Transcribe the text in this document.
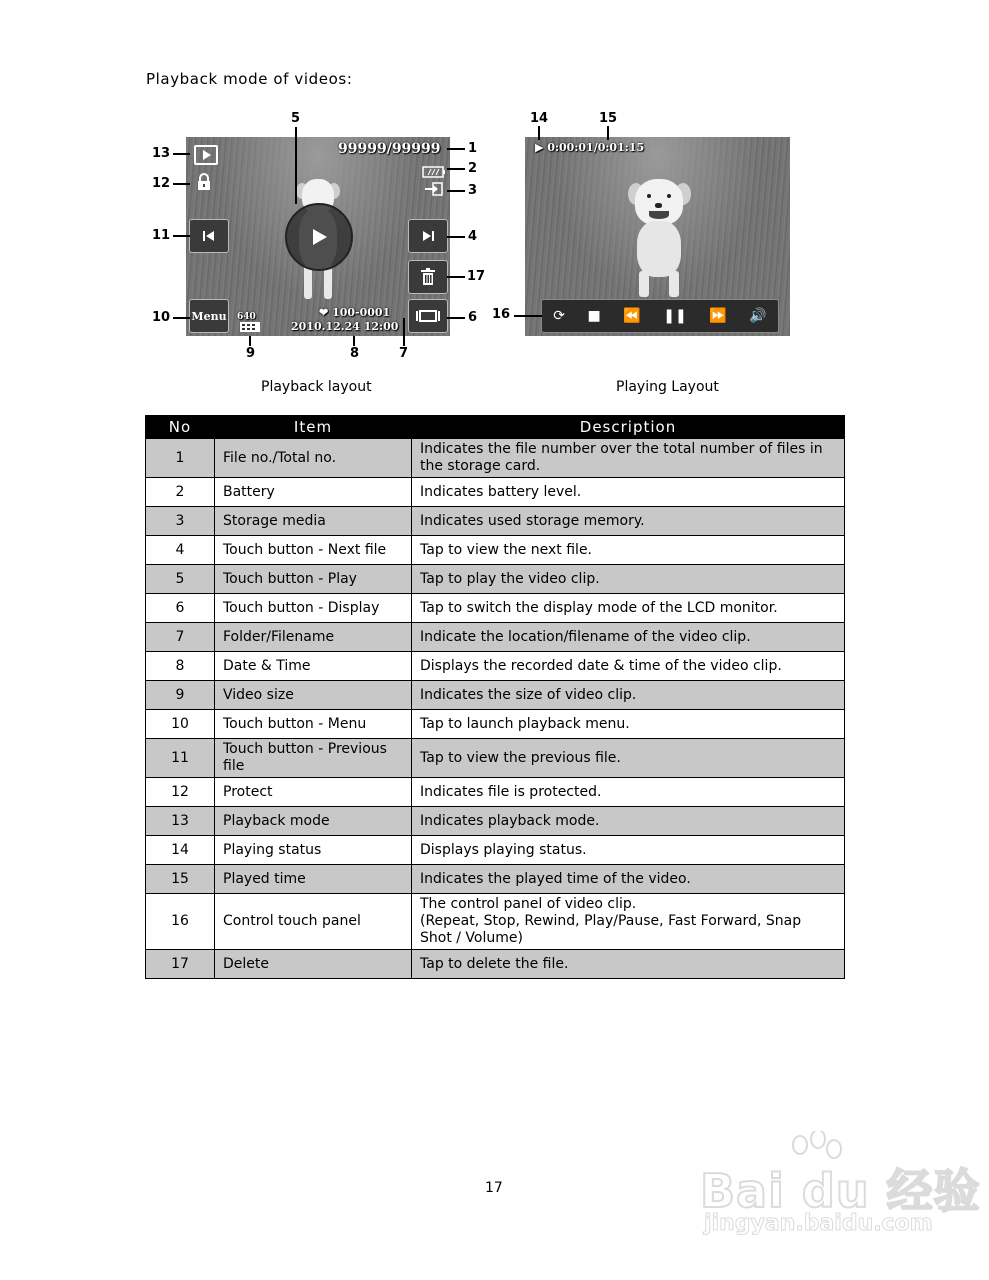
Playback mode of videos:
Menu 640
99999/99999
❤ 100-0001
2010.12.24 12:00
▶ 0:00:01/0:01:15
⟳ ■ ⏪ ❚❚ ⏩ 🔊
13
12
11
10
5
1
2
3
4
17
6
9	8	7
14	15
16
Playback layout	Playing Layout
No	Item	Description
1	File no./Total no.	Indicates the file number over the total number of files in the storage card.
2	Battery	Indicates battery level.
3	Storage media	Indicates used storage memory.
4	Touch button - Next file	Tap to view the next file.
5	Touch button - Play	Tap to play the video clip.
6	Touch button - Display	Tap to switch the display mode of the LCD monitor.
7	Folder/Filename	Indicate the location/filename of the video clip.
8	Date & Time	Displays the recorded date & time of the video clip.
9	Video size	Indicates the size of video clip.
10	Touch button - Menu	Tap to launch playback menu.
11	Touch button - Previous file	Tap to view the previous file.
12	Protect	Indicates file is protected.
13	Playback mode	Indicates playback mode.
14	Playing status	Displays playing status.
15	Played time	Indicates the played time of the video.
16	Control touch panel	The control panel of video clip.
(Repeat, Stop, Rewind, Play/Pause, Fast Forward, Snap Shot / Volume)
17	Delete	Tap to delete the file.
17	Bai du 经验
jingyan.baidu.com
